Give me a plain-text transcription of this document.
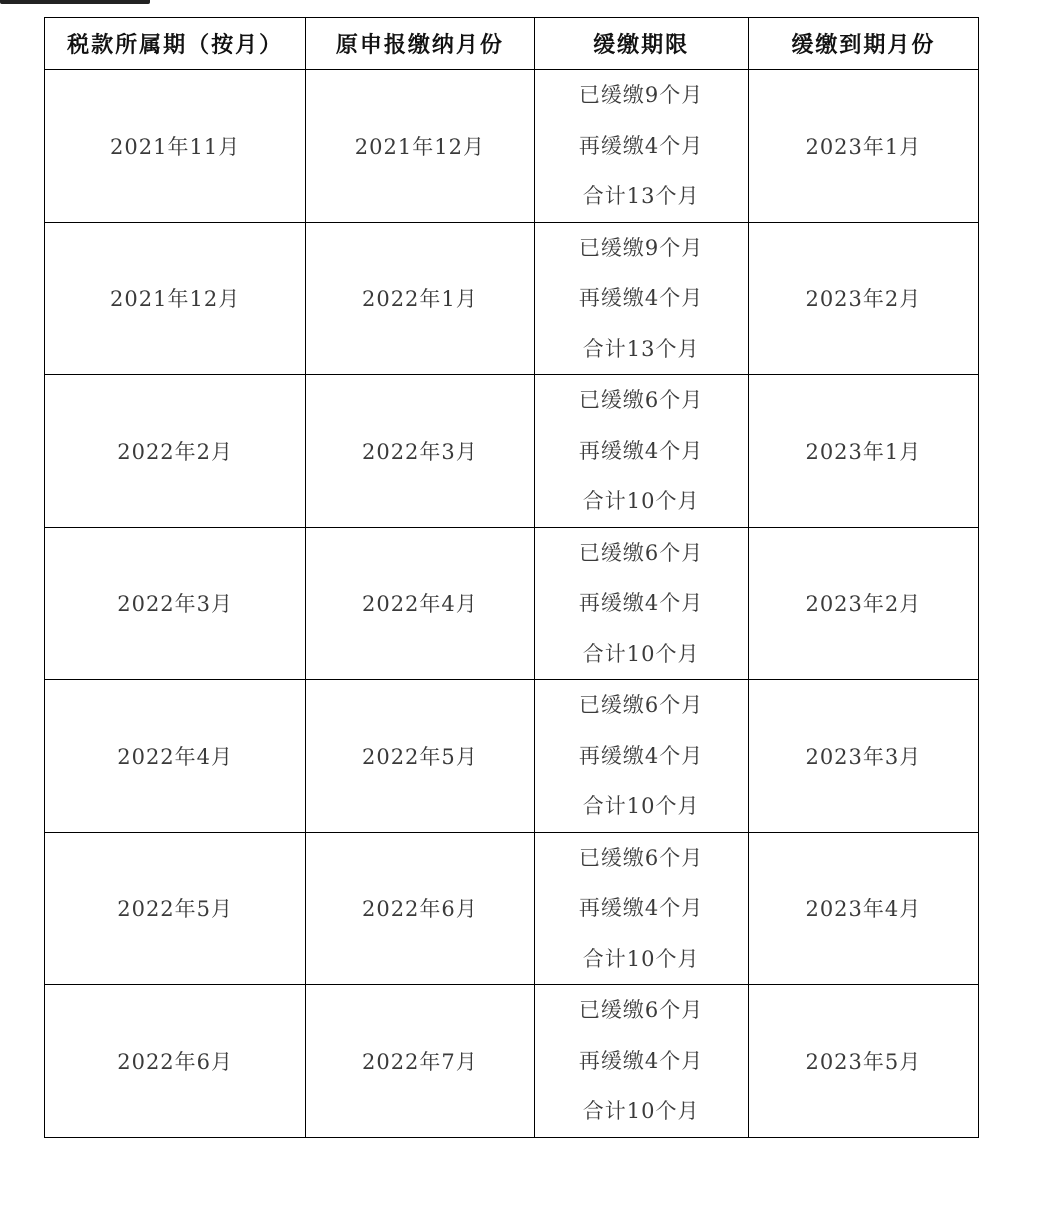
税款所属期（按月）	原申报缴纳月份	缓缴期限	缓缴到期月份
2021年11月	2021年12月	已缓缴9个月
再缓缴4个月
合计13个月	2023年1月
2021年12月	2022年1月	已缓缴9个月
再缓缴4个月
合计13个月	2023年2月
2022年2月	2022年3月	已缓缴6个月
再缓缴4个月
合计10个月	2023年1月
2022年3月	2022年4月	已缓缴6个月
再缓缴4个月
合计10个月	2023年2月
2022年4月	2022年5月	已缓缴6个月
再缓缴4个月
合计10个月	2023年3月
2022年5月	2022年6月	已缓缴6个月
再缓缴4个月
合计10个月	2023年4月
2022年6月	2022年7月	已缓缴6个月
再缓缴4个月
合计10个月	2023年5月
